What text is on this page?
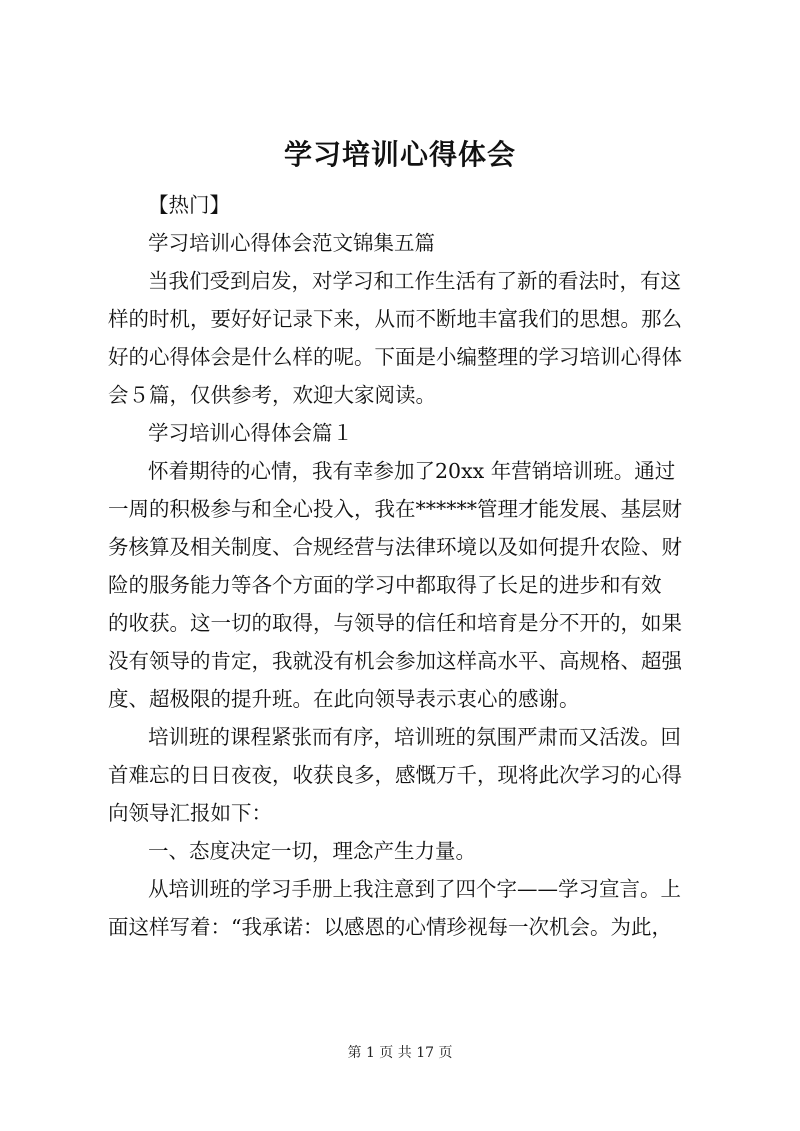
学习培训心得体会
【热门】
学习培训心得体会范文锦集五篇
当我们受到启发，对学习和工作生活有了新的看法时，有这
样的时机，要好好记录下来，从而不断地丰富我们的思想。那么
好的心得体会是什么样的呢。下面是小编整理的学习培训心得体
会５篇，仅供参考，欢迎大家阅读。
学习培训心得体会篇１
怀着期待的心情，我有幸参加了20xx 年营销培训班。通过
一周的积极参与和全心投入，我在******管理才能发展、基层财
务核算及相关制度、合规经营与法律环境以及如何提升农险、财
险的服务能力等各个方面的学习中都取得了长足的进步和有效
的收获。这一切的取得，与领导的信任和培育是分不开的，如果
没有领导的肯定，我就没有机会参加这样高水平、高规格、超强
度、超极限的提升班。在此向领导表示衷心的感谢。
培训班的课程紧张而有序，培训班的氛围严肃而又活泼。回
首难忘的日日夜夜，收获良多，感慨万千，现将此次学习的心得
向领导汇报如下：
一、态度决定一切，理念产生力量。
从培训班的学习手册上我注意到了四个字——学习宣言。上
面这样写着：“我承诺：以感恩的心情珍视每一次机会。为此，
第 1 页 共 17 页
